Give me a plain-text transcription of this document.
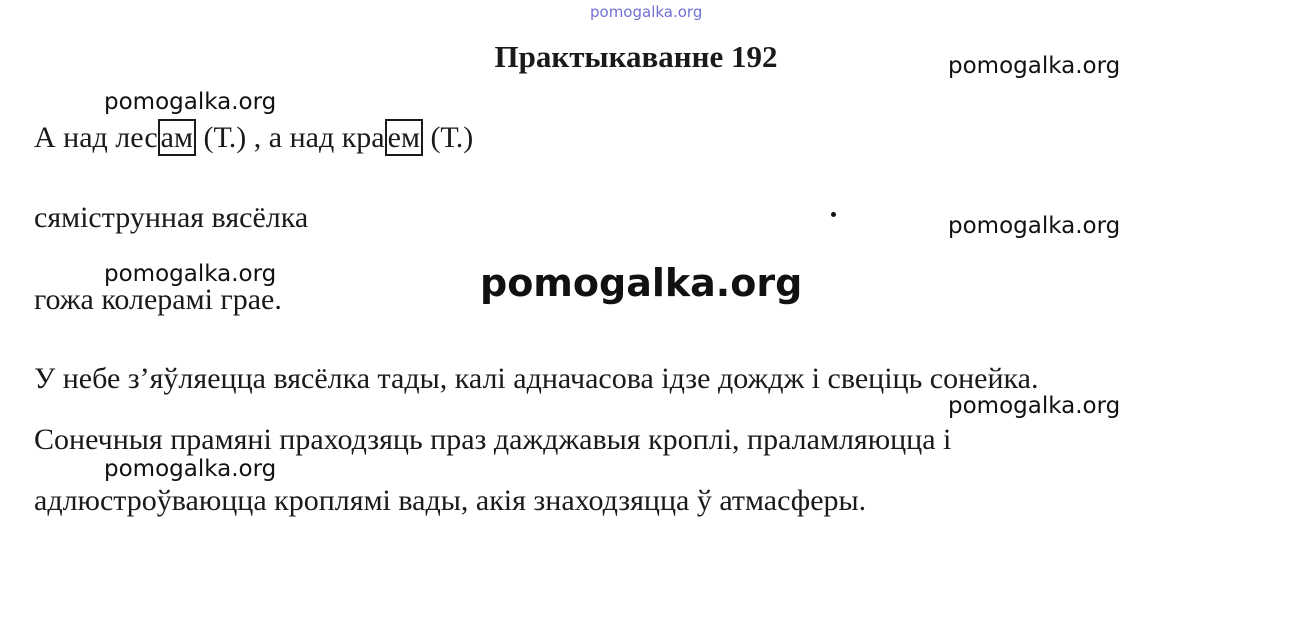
pomogalka.org
Практыкаванне 192
А над лес ам (Т.) , а над кра ем (Т.)
сяміструнная вясёлка
гожа колерамі грае.
У небе з’яўляецца вясёлка тады, калі адначасова ідзе дождж і свеціць сонейка.
Сонечныя прамяні праходзяць праз дажджавыя кроплі, праламляюцца і
адлюстроўваюцца кроплямі вады, акія знаходзяцца ў атмасферы.
pomogalka.org
pomogalka.org
pomogalka.org
pomogalka.org	pomogalka.org
pomogalka.org
pomogalka.org
